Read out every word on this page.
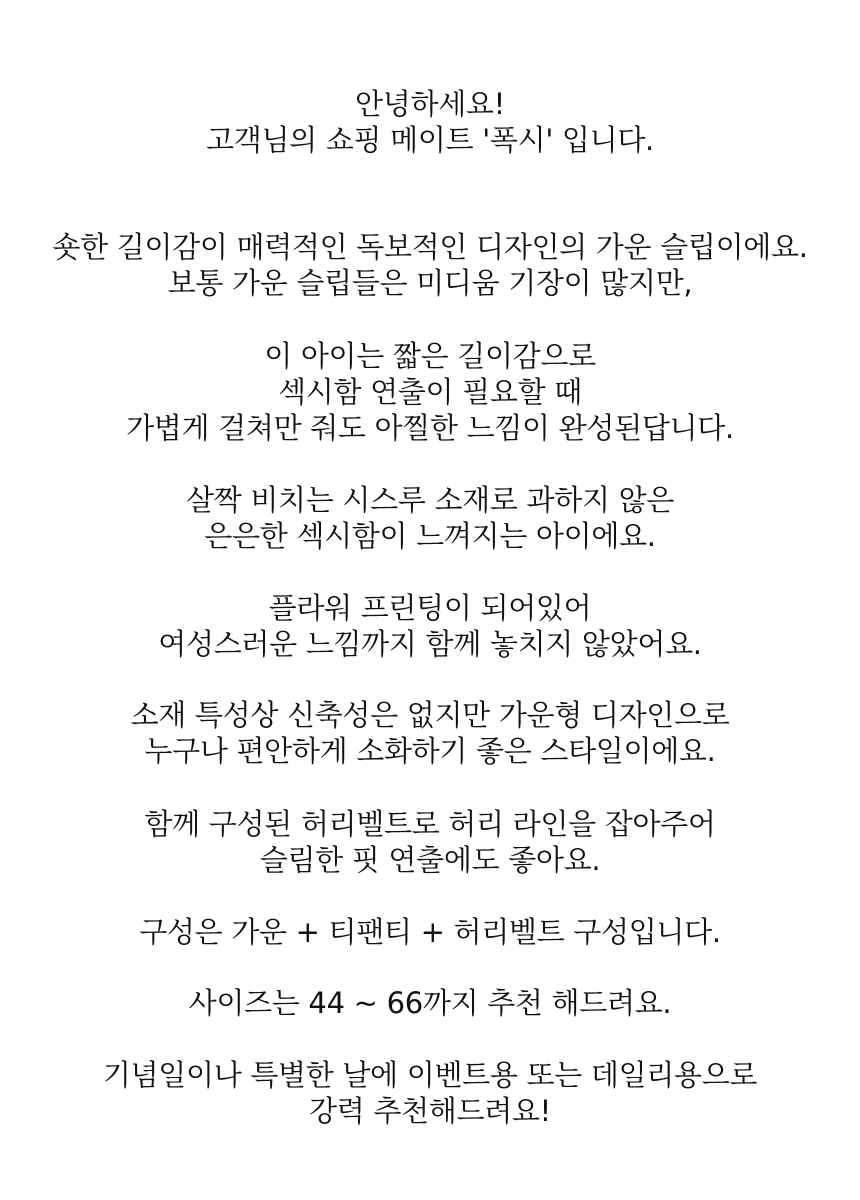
안녕하세요!
고객님의 쇼핑 메이트 '폭시' 입니다.
숏한 길이감이 매력적인 독보적인 디자인의 가운 슬립이에요.
보통 가운 슬립들은 미디움 기장이 많지만,
이 아이는 짧은 길이감으로
섹시함 연출이 필요할 때
가볍게 걸쳐만 줘도 아찔한 느낌이 완성된답니다.
살짝 비치는 시스루 소재로 과하지 않은
은은한 섹시함이 느껴지는 아이에요.
플라워 프린팅이 되어있어
여성스러운 느낌까지 함께 놓치지 않았어요.
소재 특성상 신축성은 없지만 가운형 디자인으로
누구나 편안하게 소화하기 좋은 스타일이에요.
함께 구성된 허리벨트로 허리 라인을 잡아주어
슬림한 핏 연출에도 좋아요.
구성은 가운 + 티팬티 + 허리벨트 구성입니다.
사이즈는 44 ~ 66까지 추천 해드려요.
기념일이나 특별한 날에 이벤트용 또는 데일리용으로
강력 추천해드려요!
